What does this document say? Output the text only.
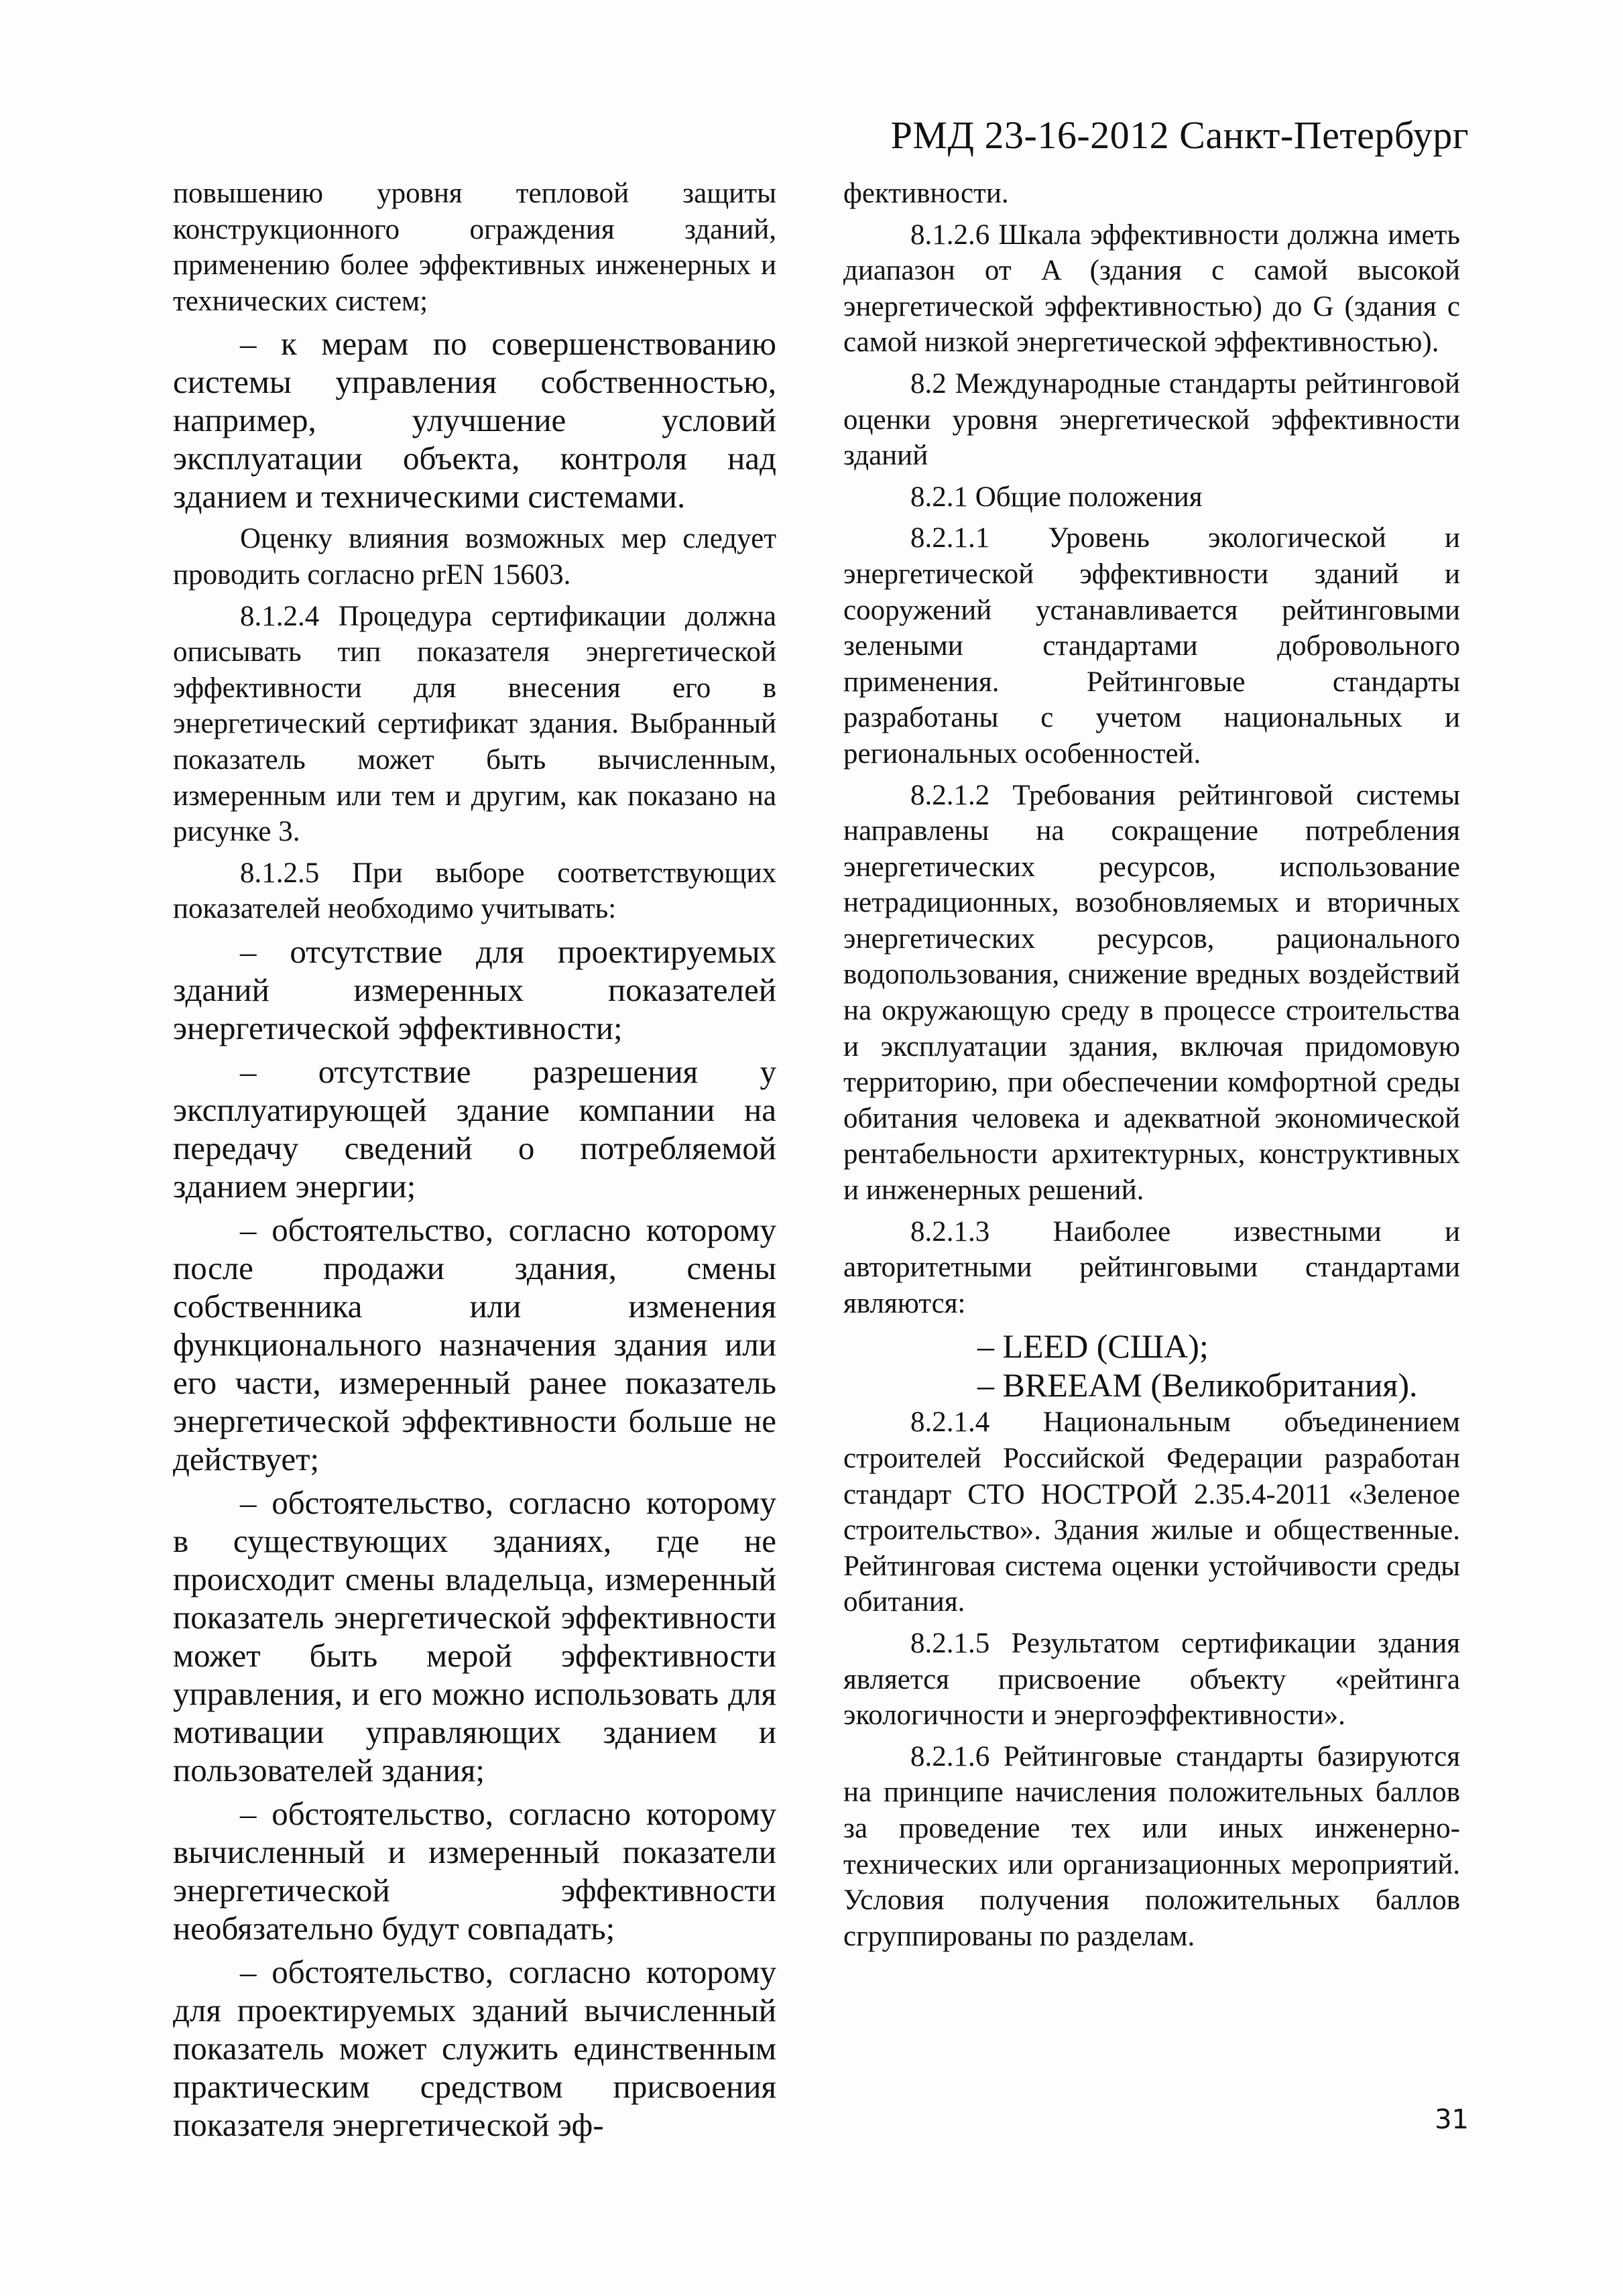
РМД 23-16-2012 Санкт-Петербург

повышению уровня тепловой защиты конструкционного ограждения зданий, применению более эффективных инженерных и технических систем;

– к мерам по совершенствованию системы управления собственностью, например, улучшение условий эксплуатации объекта, контроля над зданием и техническими системами.

Оценку влияния возможных мер следует проводить согласно prEN 15603.

8.1.2.4 Процедура сертификации должна описывать тип показателя энергетической эффективности для внесения его в энергетический сертификат здания. Выбранный показатель может быть вычисленным, измеренным или тем и другим, как показано на рисунке 3.

8.1.2.5 При выборе соответствующих показателей необходимо учитывать:

– отсутствие для проектируемых зданий измеренных показателей энергетической эффективности;

– отсутствие разрешения у эксплуатирующей здание компании на передачу сведений о потребляемой зданием энергии;

– обстоятельство, согласно которому после продажи здания, смены собственника или изменения функционального назначения здания или его части, измеренный ранее показатель энергетической эффективности больше не действует;

– обстоятельство, согласно которому в существующих зданиях, где не происходит смены владельца, измеренный показатель энергетической эффективности может быть мерой эффективности управления, и его можно использовать для мотивации управляющих зданием и пользователей здания;

– обстоятельство, согласно которому вычисленный и измеренный показатели энергетической эффективности необязательно будут совпадать;

– обстоятельство, согласно которому для проектируемых зданий вычисленный показатель может служить единственным практическим средством присвоения показателя энергетической эф-

фективности.

8.1.2.6 Шкала эффективности должна иметь диапазон от A (здания с самой высокой энергетической эффективностью) до G (здания с самой низкой энергетической эффективностью).

8.2 Международные стандарты рейтинговой оценки уровня энергетической эффективности зданий

8.2.1 Общие положения

8.2.1.1 Уровень экологической и энергетической эффективности зданий и сооружений устанавливается рейтинговыми зелеными стандартами добровольного применения. Рейтинговые стандарты разработаны с учетом национальных и региональных особенностей.

8.2.1.2 Требования рейтинговой системы направлены на сокращение потребления энергетических ресурсов, использование нетрадиционных, возобновляемых и вторичных энергетических ресурсов, рационального водопользования, снижение вредных воздействий на окружающую среду в процессе строительства и эксплуатации здания, включая придомовую территорию, при обеспечении комфортной среды обитания человека и адекватной экономической рентабельности архитектурных, конструктивных и инженерных решений.

8.2.1.3 Наиболее известными и авторитетными рейтинговыми стандартами являются:

– LEED (США);

– BREEAM (Великобритания).

8.2.1.4 Национальным объединением строителей Российской Федерации разработан стандарт СТО НОСТРОЙ 2.35.4-2011 «Зеленое строительство». Здания жилые и общественные. Рейтинговая система оценки устойчивости среды обитания.

8.2.1.5 Результатом сертификации здания является присвоение объекту «рейтинга экологичности и энергоэффективности».

8.2.1.6 Рейтинговые стандарты базируются на принципе начисления положительных баллов за проведение тех или иных инженерно-технических или организационных мероприятий. Условия получения положительных баллов сгруппированы по разделам.

31
